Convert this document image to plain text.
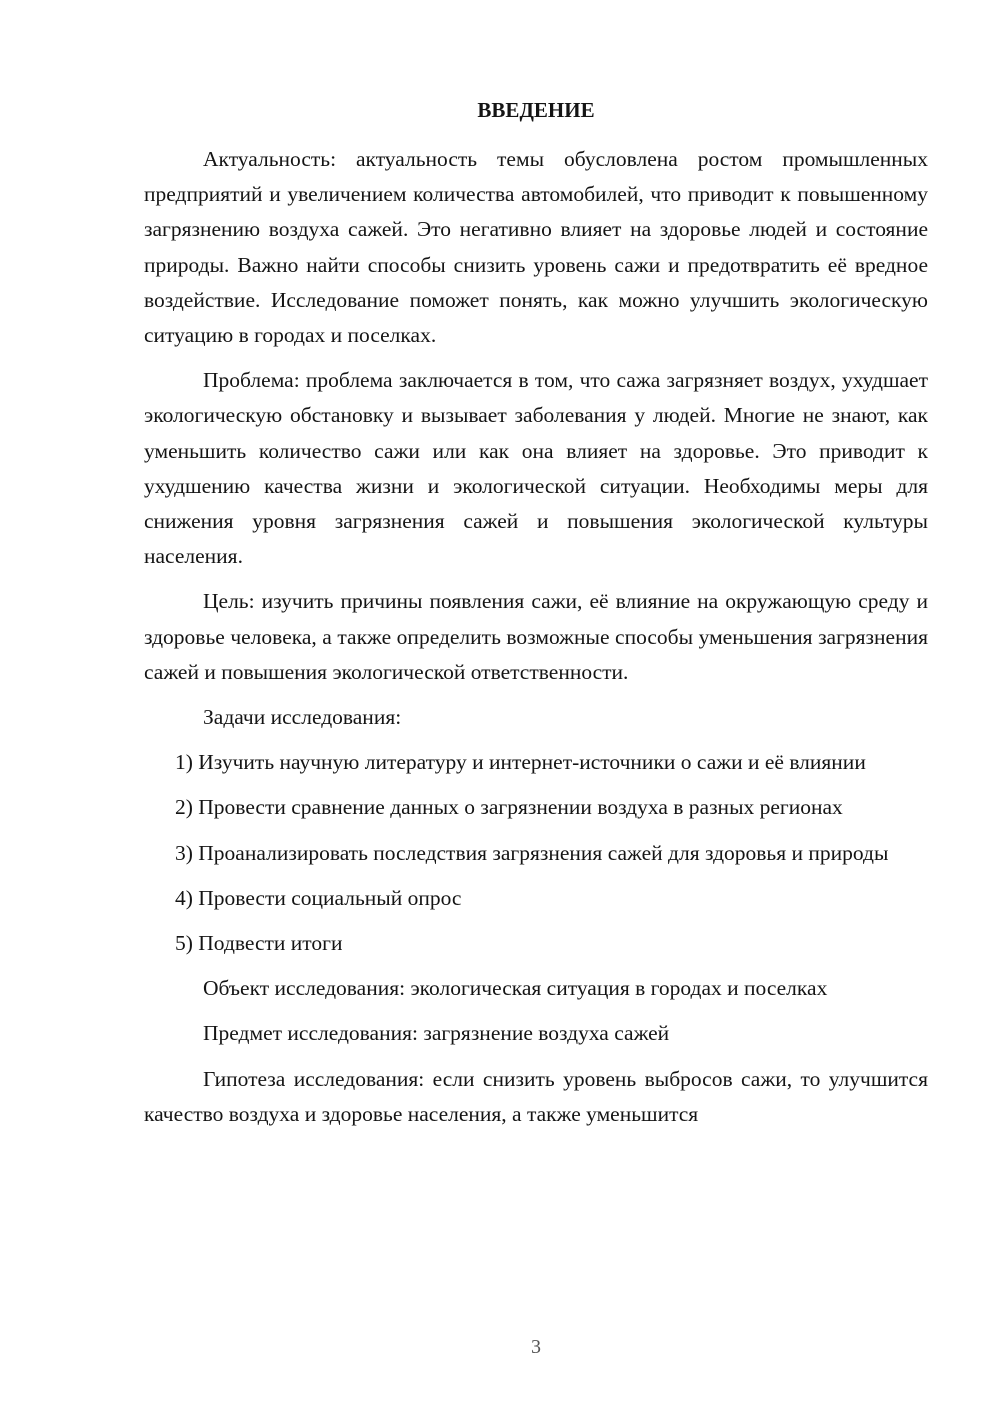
ВВЕДЕНИЕ

Актуальность: актуальность темы обусловлена ростом промышленных предприятий и увеличением количества автомобилей, что приводит к повышенному загрязнению воздуха сажей. Это негативно влияет на здоровье людей и состояние природы. Важно найти способы снизить уровень сажи и предотвратить её вредное воздействие. Исследование поможет понять, как можно улучшить экологическую ситуацию в городах и поселках.

Проблема: проблема заключается в том, что сажа загрязняет воздух, ухудшает экологическую обстановку и вызывает заболевания у людей. Многие не знают, как уменьшить количество сажи или как она влияет на здоровье. Это приводит к ухудшению качества жизни и экологической ситуации. Необходимы меры для снижения уровня загрязнения сажей и повышения экологической культуры населения.

Цель: изучить причины появления сажи, её влияние на окружающую среду и здоровье человека, а также определить возможные способы уменьшения загрязнения сажей и повышения экологической ответственности.

Задачи исследования:

1) Изучить научную литературу и интернет-источники о сажи и её влиянии

2) Провести сравнение данных о загрязнении воздуха в разных регионах

3) Проанализировать последствия загрязнения сажей для здоровья и природы

4) Провести социальный опрос

5) Подвести итоги

Объект исследования: экологическая ситуация в городах и поселках

Предмет исследования: загрязнение воздуха сажей

Гипотеза исследования: если снизить уровень выбросов сажи, то улучшится качество воздуха и здоровье населения, а также уменьшится

3
